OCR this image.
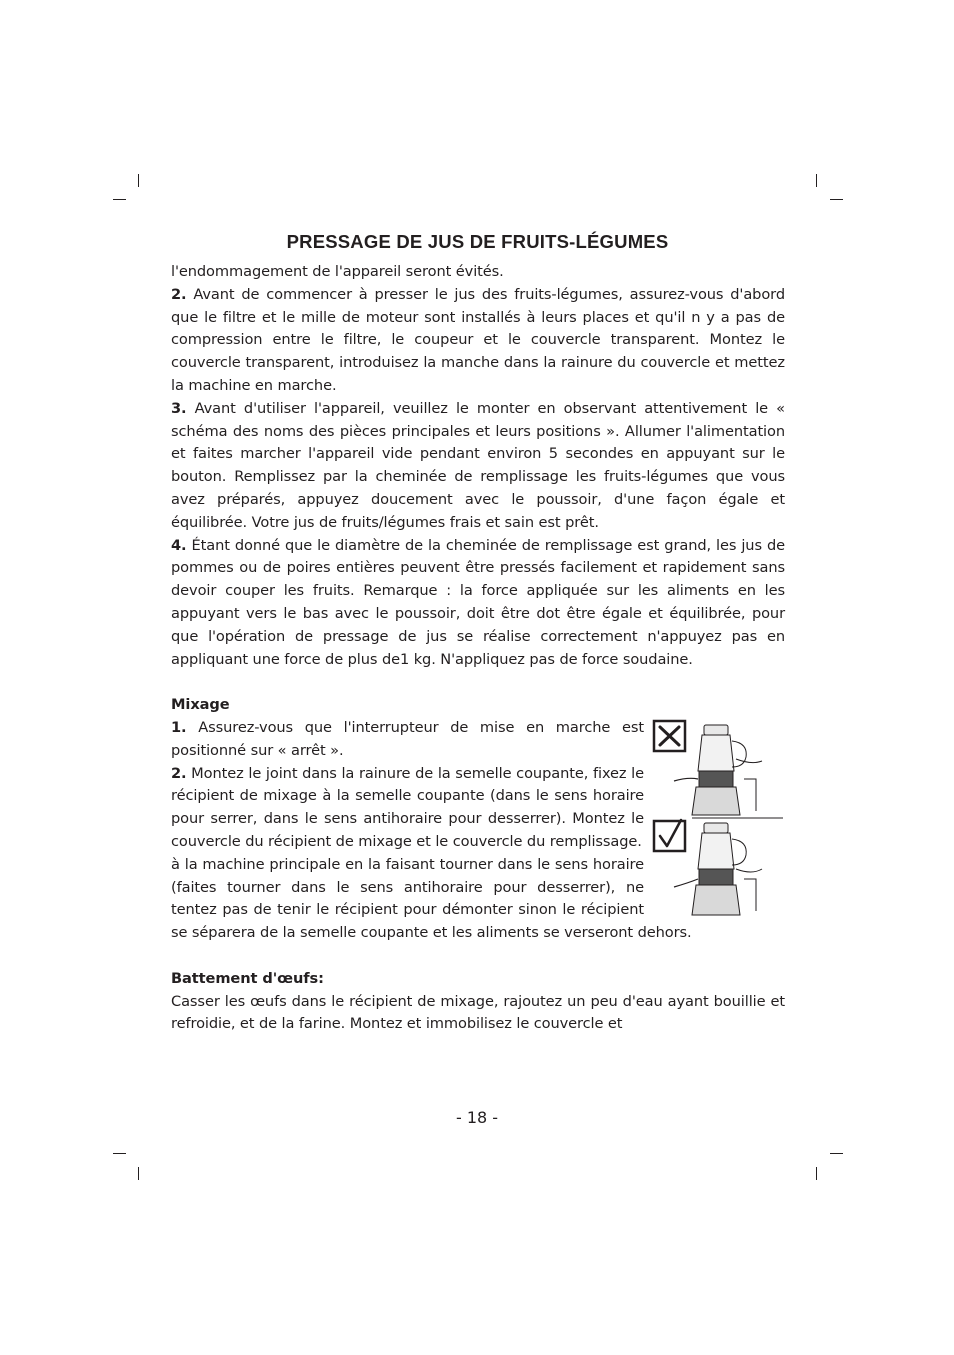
PRESSAGE DE JUS DE FRUITS-LÉGUMES

l'endommagement de l'appareil seront évités.

2. Avant de commencer à presser le jus des fruits-légumes, assurez-vous d'abord que le filtre et le mille de moteur sont installés à leurs places et qu'il n y a pas de compression entre le filtre, le coupeur et le couvercle transparent. Montez le couvercle transparent, introduisez la manche dans la rainure du couvercle et mettez la machine en marche.

3. Avant d'utiliser l'appareil, veuillez le monter en observant attentivement le « schéma des noms des pièces principales et leurs positions ». Allumer l'alimentation et faites marcher l'appareil vide pendant environ 5 secondes en appuyant sur le bouton. Remplissez par la cheminée de remplissage les fruits-légumes que vous avez préparés, appuyez doucement avec le poussoir, d'une façon égale et équilibrée. Votre jus de fruits/légumes frais et sain est prêt.

4. Étant donné que le diamètre de la cheminée de remplissage est grand, les jus de pommes ou de poires entières peuvent être pressés facilement et rapidement sans devoir couper les fruits. Remarque : la force appliquée sur les aliments en les appuyant vers le bas avec le poussoir, doit être dot être égale et équilibrée, pour que l'opération de pressage de jus se réalise correctement n'appuyez pas en appliquant une force de plus de1 kg. N'appliquez pas de force soudaine.

Mixage

1. Assurez-vous que l'interrupteur de mise en marche est positionné sur « arrêt ».

2. Montez le joint dans la rainure de la semelle coupante, fixez le récipient de mixage à la semelle coupante (dans le sens horaire pour serrer, dans le sens antihoraire pour desserrer). Montez le couvercle du récipient de mixage et le couvercle du remplissage.

à la machine principale en la faisant tourner dans le sens horaire (faites tourner dans le sens antihoraire pour desserrer), ne tentez pas de tenir le récipient pour démonter sinon le récipient se séparera de la semelle coupante et les aliments se verseront dehors.

Battement d'œufs:

Casser les œufs dans le récipient de mixage, rajoutez un peu d'eau ayant bouillie et refroidie, et de la farine. Montez et immobilisez le couvercle et

- 18 -
